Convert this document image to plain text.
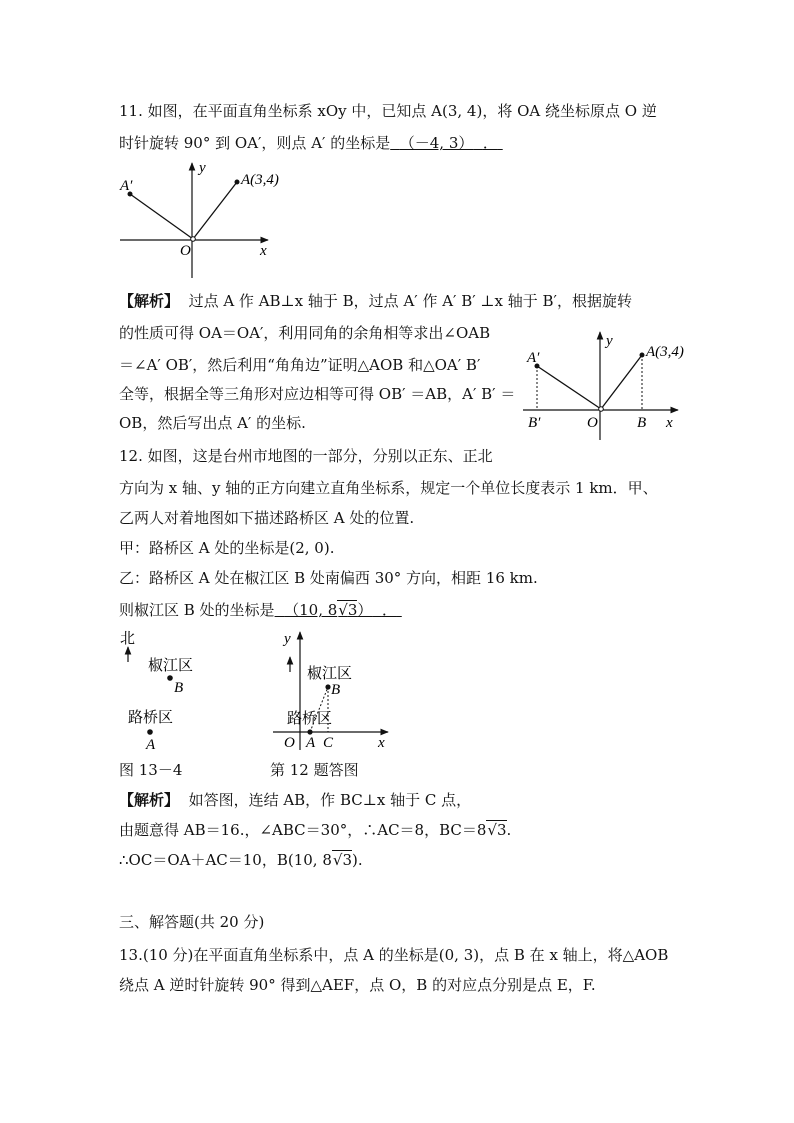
11. 如图，在平面直角坐标系 xOy 中，已知点 A(3, 4)，将 OA 绕坐标原点 O 逆
时针旋转 90° 到 OA′，则点 A′ 的坐标是 （－4, 3） ．
y
A(3,4)
A′
O	x
【解析】 过点 A 作 AB⊥x 轴于 B，过点 A′ 作 A′ B′ ⊥x 轴于 B′，根据旋转
的性质可得 OA＝OA′，利用同角的余角相等求出∠OAB
＝∠A′ OB′，然后利用“角角边”证明△AOB 和△OA′ B′
全等，根据全等三角形对应边相等可得 OB′ ＝AB，A′ B′ ＝
OB，然后写出点 A′ 的坐标.
y
A(3,4)
A′
B′	O	B x
12. 如图，这是台州市地图的一部分，分别以正东、正北
方向为 x 轴、y 轴的正方向建立直角坐标系，规定一个单位长度表示 1 km．甲、
乙两人对着地图如下描述路桥区 A 处的位置.
甲：路桥区 A 处的坐标是(2, 0).
乙：路桥区 A 处在椒江区 B 处南偏西 30° 方向，相距 16 km.
则椒江区 B 处的坐标是 （10, 8√3） ．
北
椒江区
B
路桥区
A
y
椒江区
B
路桥区
O A C	x
图 13－4	第 12 题答图
【解析】 如答图，连结 AB，作 BC⊥x 轴于 C 点，
由题意得 AB＝16.，∠ABC＝30°，∴AC＝8，BC＝8√3.
∴OC＝OA＋AC＝10，B(10, 8√3).
三、解答题(共 20 分)
13.(10 分)在平面直角坐标系中，点 A 的坐标是(0, 3)，点 B 在 x 轴上，将△AOB
绕点 A 逆时针旋转 90° 得到△AEF，点 O，B 的对应点分别是点 E，F.
